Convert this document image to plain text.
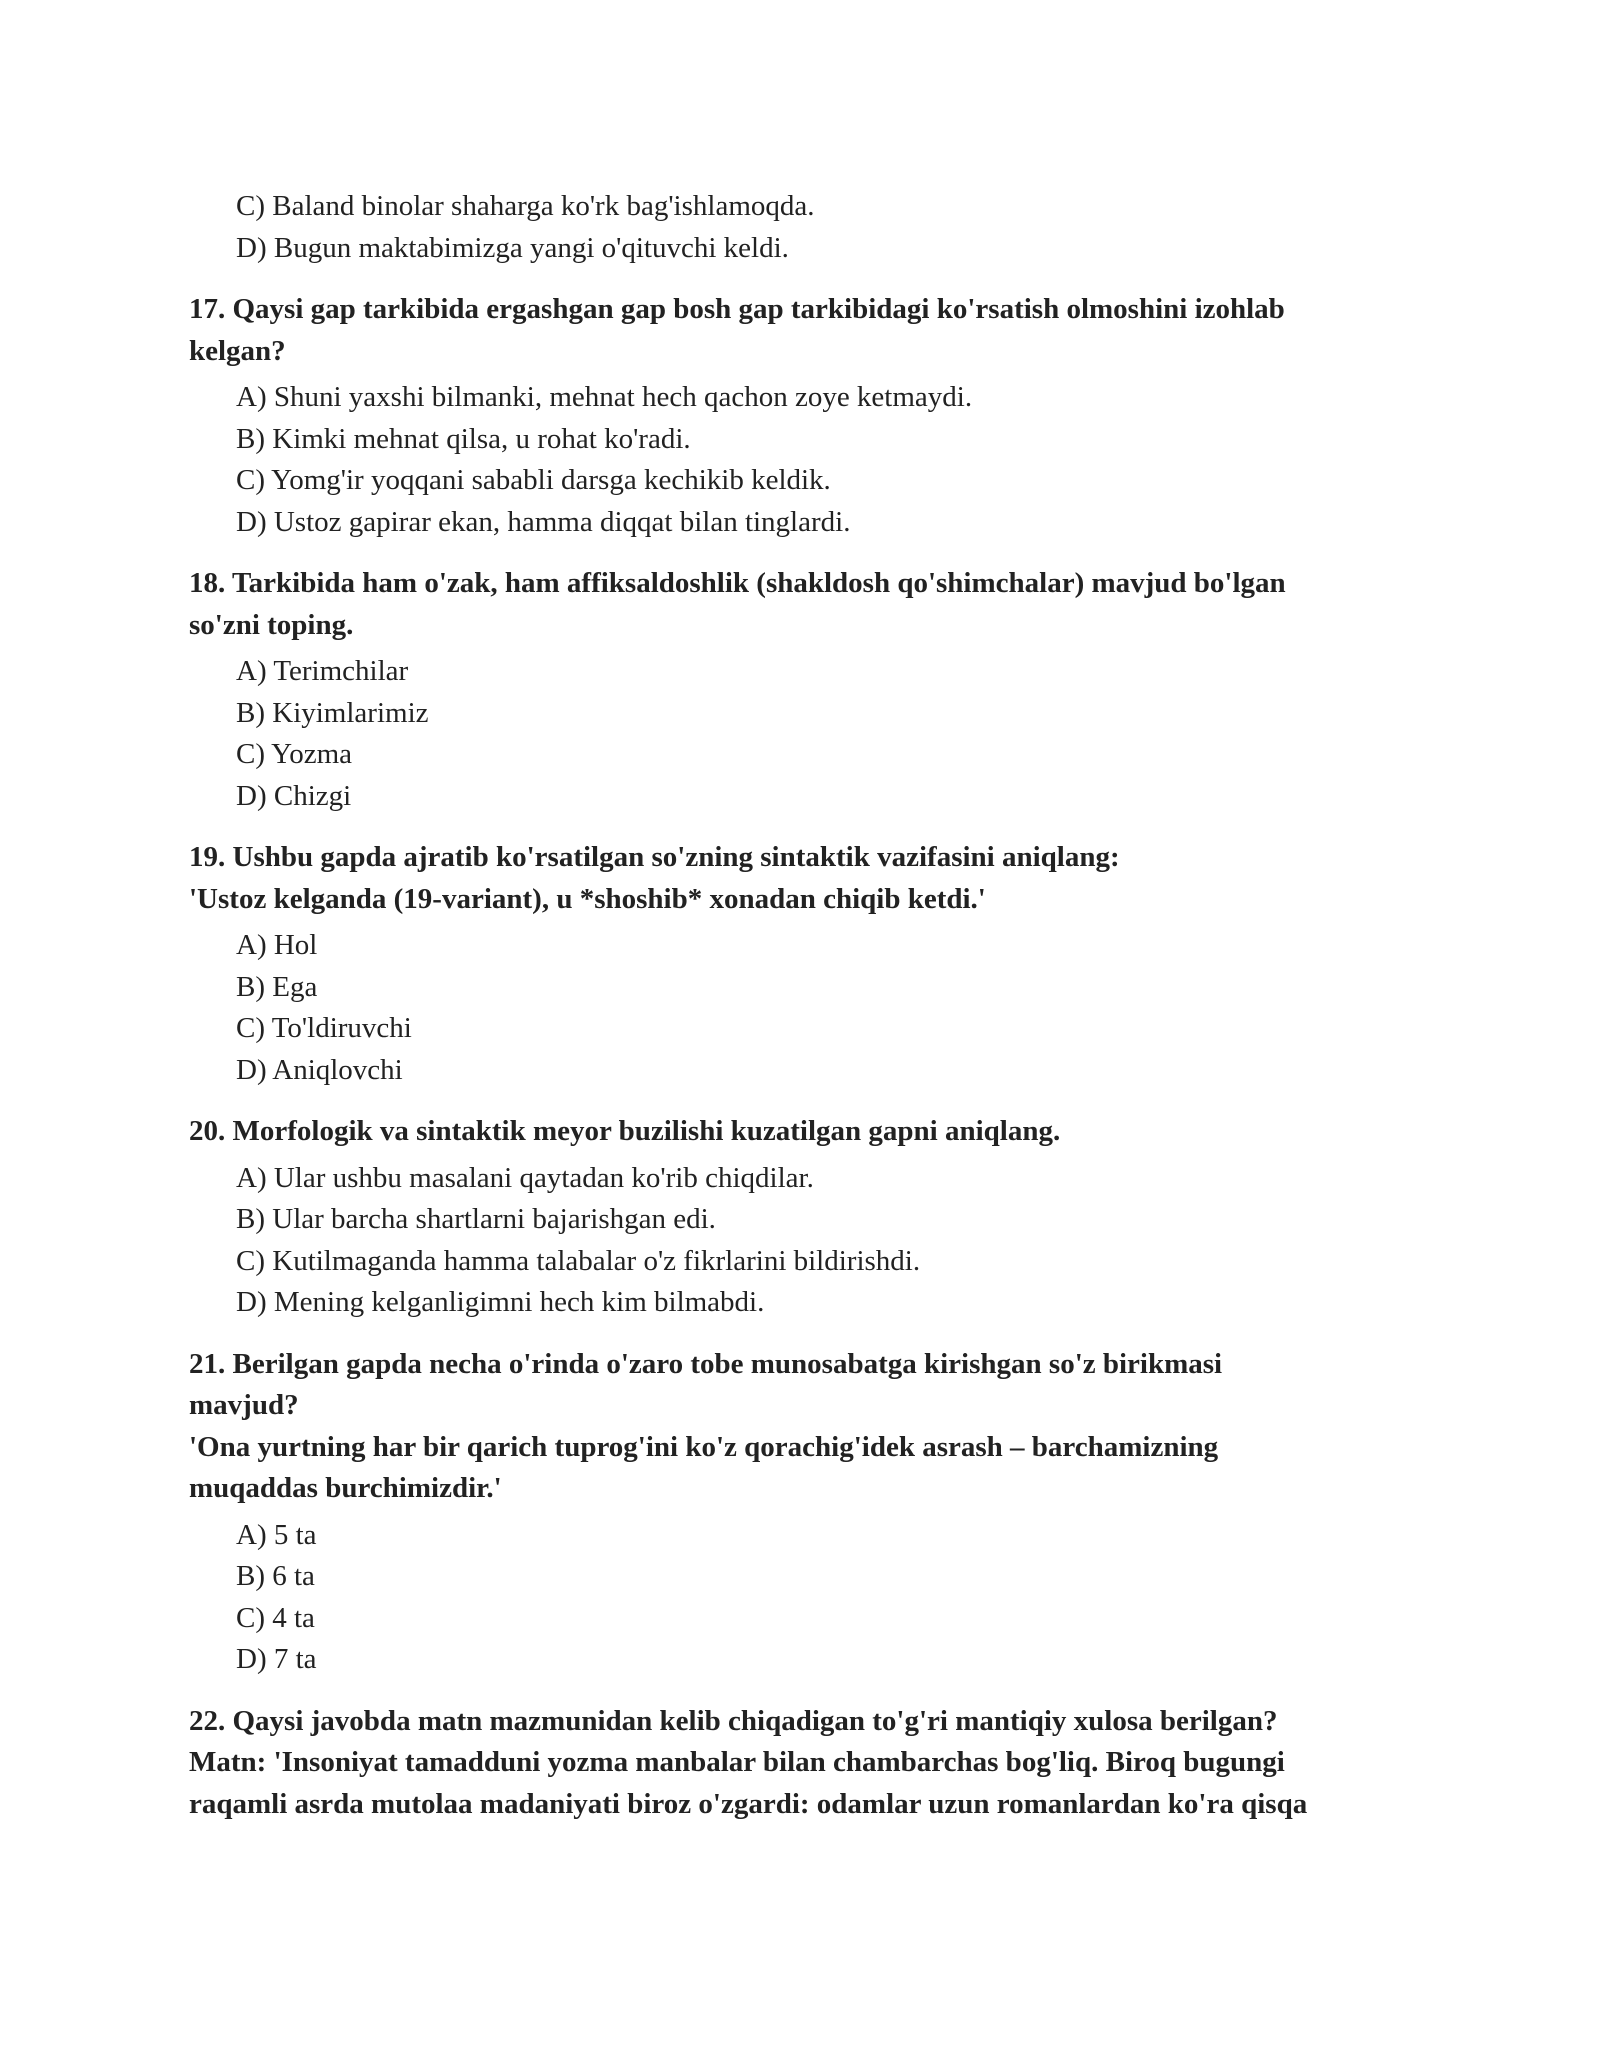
C) Baland binolar shaharga ko'rk bag'ishlamoqda.
D) Bugun maktabimizga yangi o'qituvchi keldi.
17. Qaysi gap tarkibida ergashgan gap bosh gap tarkibidagi ko'rsatish olmoshini izohlab
kelgan?
A) Shuni yaxshi bilmanki, mehnat hech qachon zoye ketmaydi.
B) Kimki mehnat qilsa, u rohat ko'radi.
C) Yomg'ir yoqqani sababli darsga kechikib keldik.
D) Ustoz gapirar ekan, hamma diqqat bilan tinglardi.
18. Tarkibida ham o'zak, ham affiksaldoshlik (shakldosh qo'shimchalar) mavjud bo'lgan
so'zni toping.
A) Terimchilar
B) Kiyimlarimiz
C) Yozma
D) Chizgi
19. Ushbu gapda ajratib ko'rsatilgan so'zning sintaktik vazifasini aniqlang:
'Ustoz kelganda (19-variant), u *shoshib* xonadan chiqib ketdi.'
A) Hol
B) Ega
C) To'ldiruvchi
D) Aniqlovchi
20. Morfologik va sintaktik meyor buzilishi kuzatilgan gapni aniqlang.
A) Ular ushbu masalani qaytadan ko'rib chiqdilar.
B) Ular barcha shartlarni bajarishgan edi.
C) Kutilmaganda hamma talabalar o'z fikrlarini bildirishdi.
D) Mening kelganligimni hech kim bilmabdi.
21. Berilgan gapda necha o'rinda o'zaro tobe munosabatga kirishgan so'z birikmasi
mavjud?
'Ona yurtning har bir qarich tuprog'ini ko'z qorachig'idek asrash – barchamizning
muqaddas burchimizdir.'
A) 5 ta
B) 6 ta
C) 4 ta
D) 7 ta
22. Qaysi javobda matn mazmunidan kelib chiqadigan to'g'ri mantiqiy xulosa berilgan?
Matn: 'Insoniyat tamadduni yozma manbalar bilan chambarchas bog'liq. Biroq bugungi
raqamli asrda mutolaa madaniyati biroz o'zgardi: odamlar uzun romanlardan ko'ra qisqa
